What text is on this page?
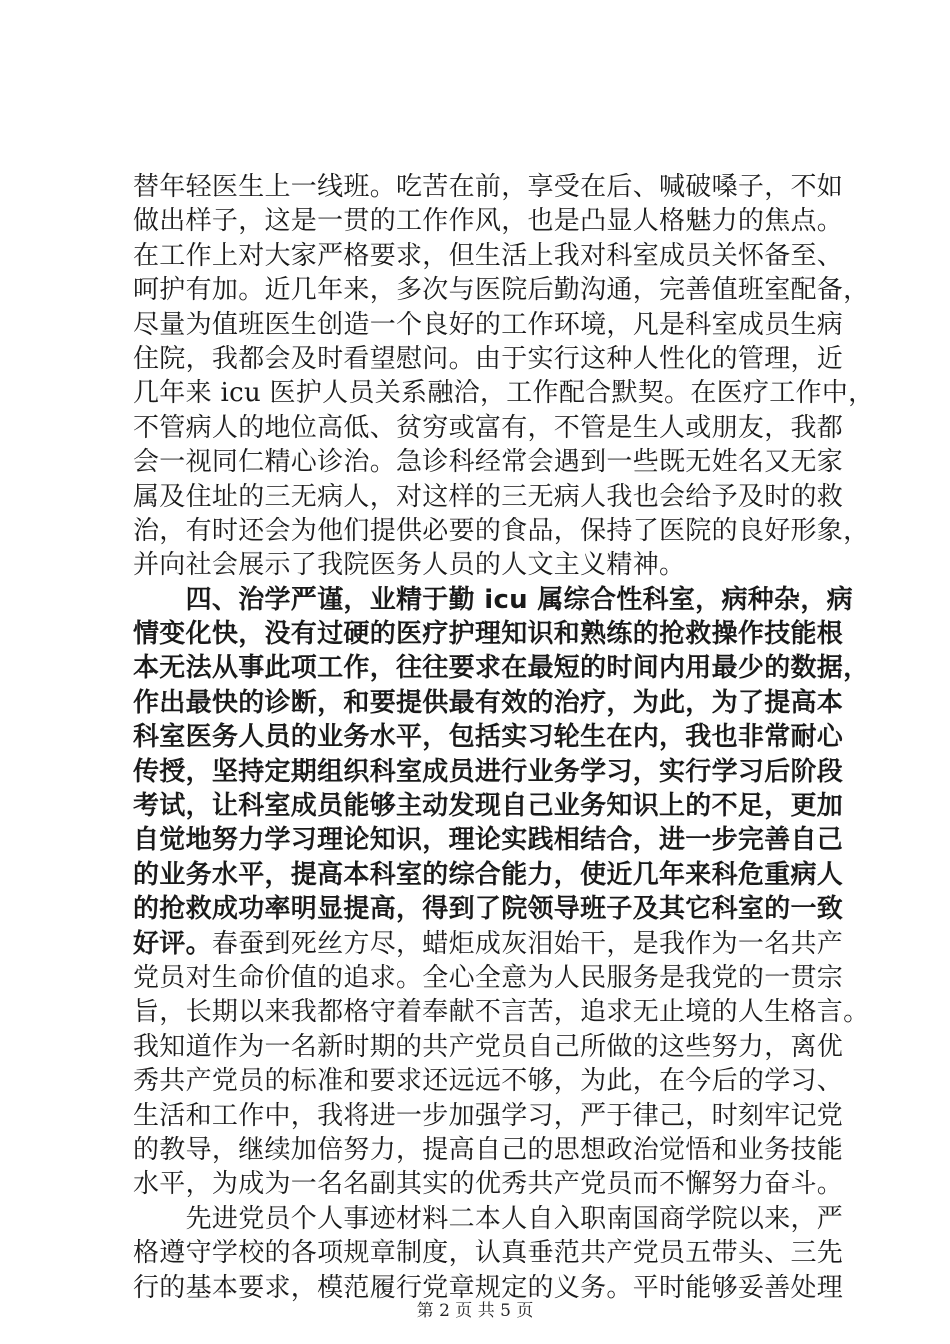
替年轻医生上一线班。吃苦在前，享受在后、喊破嗓子，不如
做出样子，这是一贯的工作作风，也是凸显人格魅力的焦点。
在工作上对大家严格要求，但生活上我对科室成员关怀备至、
呵护有加。近几年来，多次与医院后勤沟通，完善值班室配备，
尽量为值班医生创造一个良好的工作环境，凡是科室成员生病
住院，我都会及时看望慰问。由于实行这种人性化的管理，近
几年来 icu 医护人员关系融洽，工作配合默契。在医疗工作中，
不管病人的地位高低、贫穷或富有，不管是生人或朋友，我都
会一视同仁精心诊治。急诊科经常会遇到一些既无姓名又无家
属及住址的三无病人，对这样的三无病人我也会给予及时的救
治，有时还会为他们提供必要的食品，保持了医院的良好形象，
并向社会展示了我院医务人员的人文主义精神。
　　四、治学严谨，业精于勤 icu 属综合性科室，病种杂，病
情变化快，没有过硬的医疗护理知识和熟练的抢救操作技能根
本无法从事此项工作，往往要求在最短的时间内用最少的数据，
作出最快的诊断，和要提供最有效的治疗，为此，为了提高本
科室医务人员的业务水平，包括实习轮生在内，我也非常耐心
传授，坚持定期组织科室成员进行业务学习，实行学习后阶段
考试，让科室成员能够主动发现自己业务知识上的不足，更加
自觉地努力学习理论知识，理论实践相结合，进一步完善自己
的业务水平，提高本科室的综合能力，使近几年来科危重病人
的抢救成功率明显提高，得到了院领导班子及其它科室的一致
好评。春蚕到死丝方尽，蜡炬成灰泪始干，是我作为一名共产
党员对生命价值的追求。全心全意为人民服务是我党的一贯宗
旨，长期以来我都格守着奉献不言苦，追求无止境的人生格言。
我知道作为一名新时期的共产党员自己所做的这些努力，离优
秀共产党员的标准和要求还远远不够，为此，在今后的学习、
生活和工作中，我将进一步加强学习，严于律己，时刻牢记党
的教导，继续加倍努力，提高自己的思想政治觉悟和业务技能
水平，为成为一名名副其实的优秀共产党员而不懈努力奋斗。
　　先进党员个人事迹材料二本人自入职南国商学院以来，严
格遵守学校的各项规章制度，认真垂范共产党员五带头、三先
行的基本要求，模范履行党章规定的义务。平时能够妥善处理
第 2 页 共 5 页
